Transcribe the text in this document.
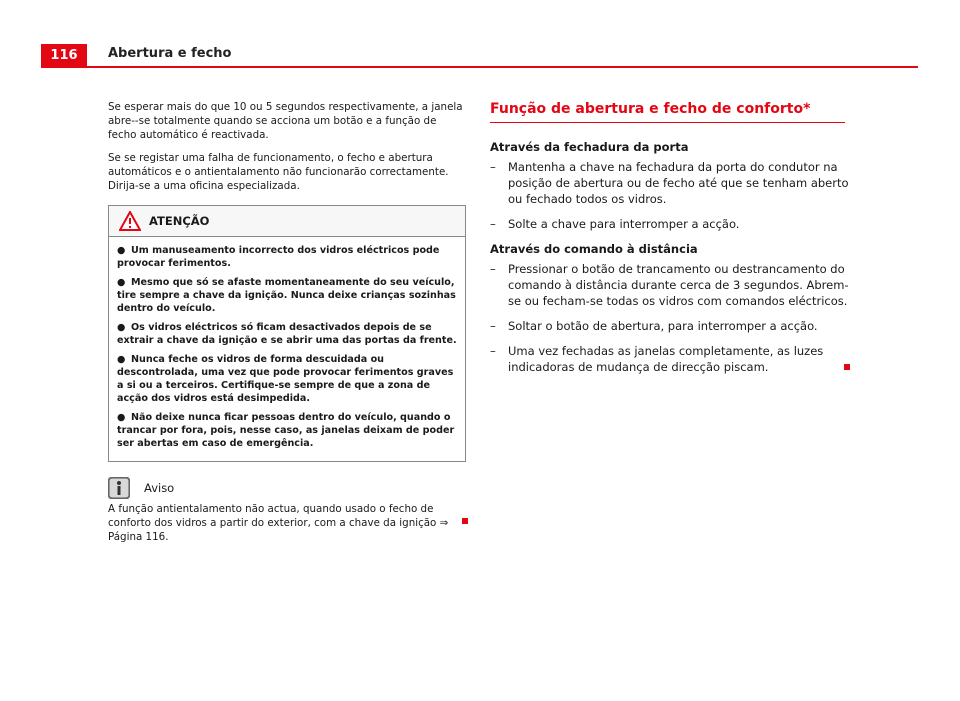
116	Abertura e fecho

Se esperar mais do que 10 ou 5 segundos respectivamente, a janela abre--se totalmente quando se acciona um botão e a função de fecho automático é reactivada.

Se se registar uma falha de funcionamento, o fecho e abertura automáticos e o antientalamento não funcionarão correctamente. Dirija-se a uma oficina especializada.

ATENÇÃO
● Um manuseamento incorrecto dos vidros eléctricos pode provocar ferimentos.
● Mesmo que só se afaste momentaneamente do seu veículo, tire sempre a chave da ignição. Nunca deixe crianças sozinhas dentro do veículo.
● Os vidros eléctricos só ficam desactivados depois de se extrair a chave da ignição e se abrir uma das portas da frente.
● Nunca feche os vidros de forma descuidada ou descontrolada, uma vez que pode provocar ferimentos graves a si ou a terceiros. Certifique-se sempre de que a zona de acção dos vidros está desimpedida.
● Não deixe nunca ficar pessoas dentro do veículo, quando o trancar por fora, pois, nesse caso, as janelas deixam de poder ser abertas em caso de emergência.
Aviso
A função antientalamento não actua, quando usado o fecho de conforto dos vidros a partir do exterior, com a chave da ignição ⇒ Página 116.
Função de abertura e fecho de conforto*

Através da fechadura da porta

–	Mantenha a chave na fechadura da porta do condutor na posição de abertura ou de fecho até que se tenham aberto ou fechado todos os vidros.
–	Solte a chave para interromper a acção.

Através do comando à distância

–	Pressionar o botão de trancamento ou destrancamento do comando à distância durante cerca de 3 segundos. Abrem-se ou fecham-se todas os vidros com comandos eléctricos.
–	Soltar o botão de abertura, para interromper a acção.
–	Uma vez fechadas as janelas completamente, as luzes indicadoras de mudança de direcção piscam.
